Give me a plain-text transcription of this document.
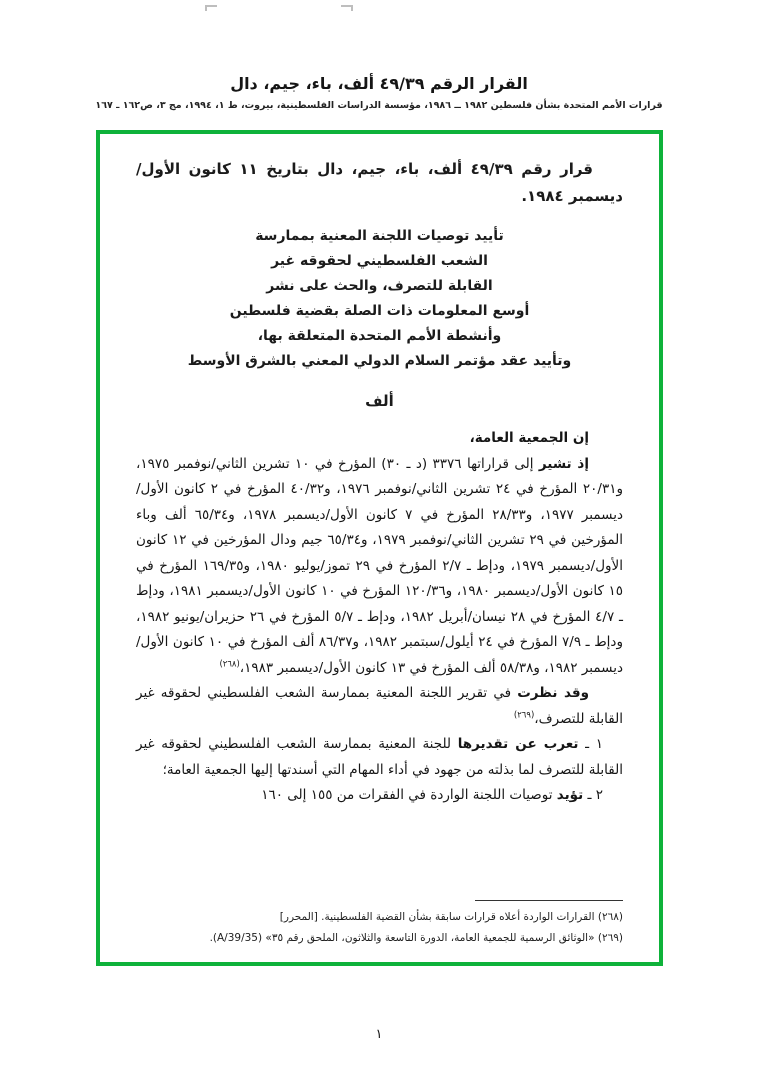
القرار الرقم ٤٩/٣٩ ألف، باء، جيم، دال
قرارات الأمم المتحدة بشأن فلسطين ١٩٨٢ ــ ١٩٨٦، مؤسسة الدراسات الفلسطينية، بيروت، ط ١، ١٩٩٤، مج ٣، ص١٦٢ ـ ١٦٧

قرار رقم ٤٩/٣٩ ألف، باء، جيم، دال بتاريخ ١١ كانون الأول/ديسمبر ١٩٨٤.

تأييد توصيات اللجنة المعنية بممارسة
الشعب الفلسطيني لحقوقه غير
القابلة للتصرف، والحث على نشر
أوسع المعلومات ذات الصلة بقضية فلسطين
وأنشطة الأمم المتحدة المتعلقة بها،
وتأييد عقد مؤتمر السلام الدولي المعني بالشرق الأوسط
ألف

إن الجمعية العامة،

إذ تشير إلى قراراتها ٣٣٧٦ (د ـ ٣٠) المؤرخ في ١٠ تشرين الثاني/نوفمبر ١٩٧٥، و٢٠/٣١ المؤرخ في ٢٤ تشرين الثاني/نوفمبر ١٩٧٦، و٤٠/٣٢ المؤرخ في ٢ كانون الأول/ديسمبر ١٩٧٧، و٢٨/٣٣ المؤرخ في ٧ كانون الأول/ديسمبر ١٩٧٨، و٦٥/٣٤ ألف وباء المؤرخين في ٢٩ تشرين الثاني/نوفمبر ١٩٧٩، و٦٥/٣٤ جيم ودال المؤرخين في ١٢ كانون الأول/ديسمبر ١٩٧٩، ودإط ـ ٢/٧ المؤرخ في ٢٩ تموز/يوليو ١٩٨٠، و١٦٩/٣٥ المؤرخ في ١٥ كانون الأول/ديسمبر ١٩٨٠، و١٢٠/٣٦ المؤرخ في ١٠ كانون الأول/ديسمبر ١٩٨١، ودإط ـ ٤/٧ المؤرخ في ٢٨ نيسان/أبريل ١٩٨٢، ودإط ـ ٥/٧ المؤرخ في ٢٦ حزيران/يونيو ١٩٨٢، ودإط ـ ٧/٩ المؤرخ في ٢٤ أيلول/سبتمبر ١٩٨٢، و٨٦/٣٧ ألف المؤرخ في ١٠ كانون الأول/ديسمبر ١٩٨٢، و٥٨/٣٨ ألف المؤرخ في ١٣ كانون الأول/ديسمبر ١٩٨٣،$^{(٢٦٨)}$

وقد نظرت في تقرير اللجنة المعنية بممارسة الشعب الفلسطيني لحقوقه غير القابلة للتصرف،$^{(٢٦٩)}$

١ ـ تعرب عن تقديرها للجنة المعنية بممارسة الشعب الفلسطيني لحقوقه غير القابلة للتصرف لما بذلته من جهود في أداء المهام التي أسندتها إليها الجمعية العامة؛

٢ ـ تؤيد توصيات اللجنة الواردة في الفقرات من ١٥٥ إلى ١٦٠

(٢٦٨) القرارات الواردة أعلاه قرارات سابقة بشأن القضية الفلسطينية. [المحرر]

(٢٦٩) «الوثائق الرسمية للجمعية العامة، الدورة التاسعة والثلاثون، الملحق رقم ٣٥» ‎(A/39/35)‎.

١
